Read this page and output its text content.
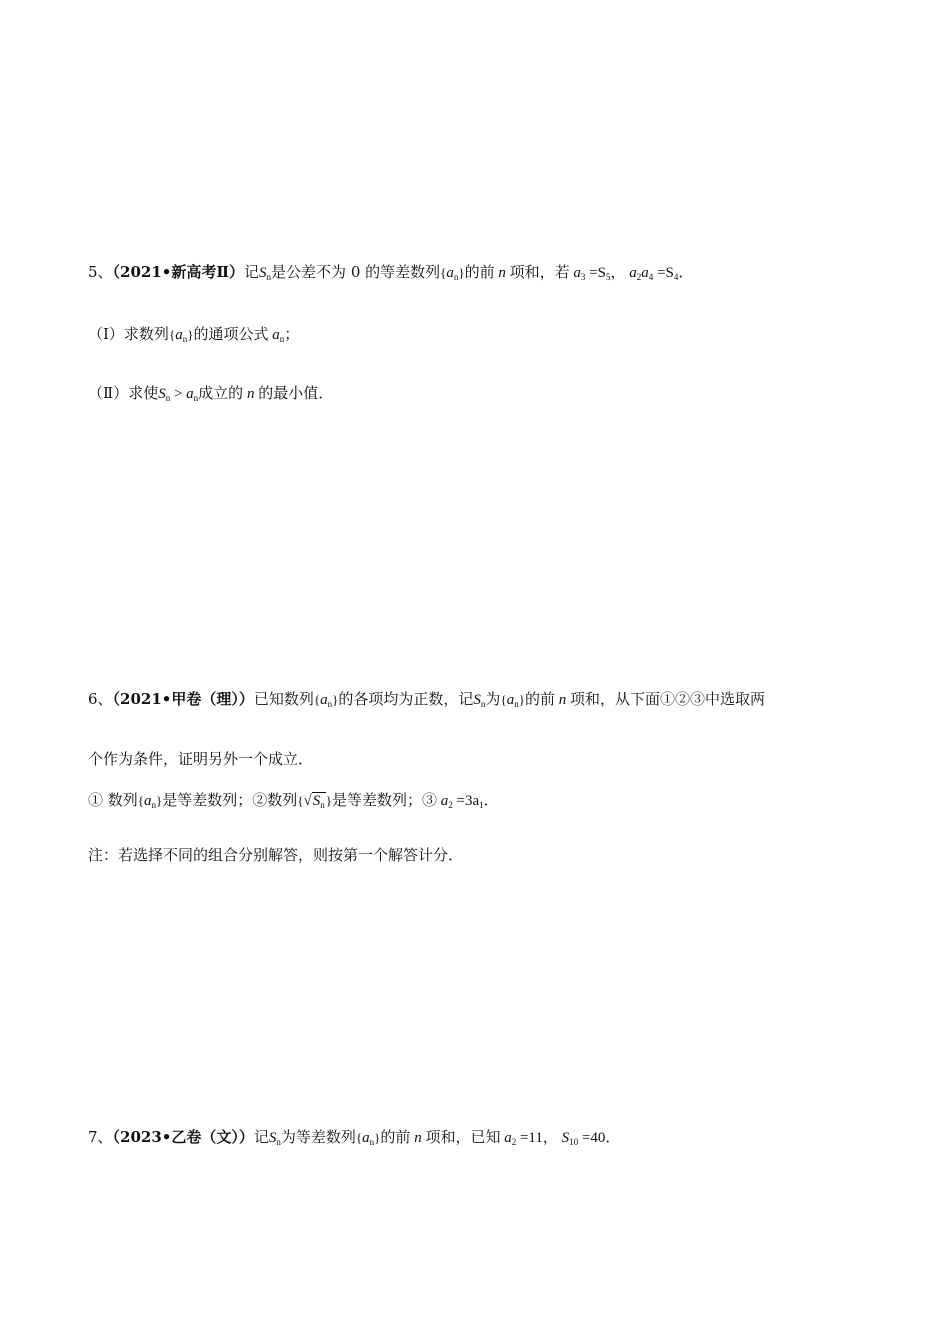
5、（2021•新高考Ⅱ）记$S_n$是公差不为 0 的等差数列$\{a_n\}$的前 n 项和，若 $a_3 =S_5$， $a_2a_4 =S_4$．
（Ⅰ）求数列$\{a_n\}$的通项公式 $a_n$；
（Ⅱ）求使$S_n > a_n$成立的 n 的最小值．
6、（2021•甲卷（理））已知数列$\{a_n\}$的各项均为正数，记$S_n$为$\{a_n\}$的前 n 项和，从下面①②③中选取两
个作为条件，证明另外一个成立．
① 数列$\{a_n\}$是等差数列；②数列$\{√S_n\}$是等差数列；③ $a_2 =3a_1$．
注：若选择不同的组合分别解答，则按第一个解答计分．
7、（2023•乙卷（文））记$S_n$为等差数列$\{a_n\}$的前 n 项和，已知 $a_2 =11$， $S_{10} =40$．
